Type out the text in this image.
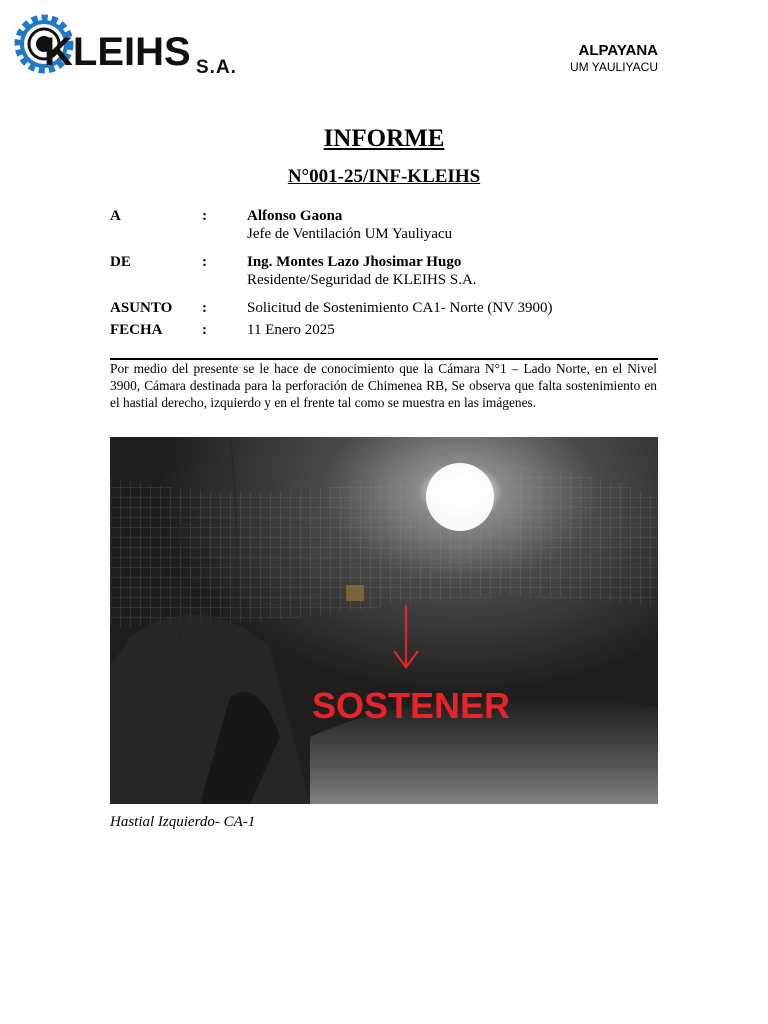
KLEIHS S.A.
ALPAYANA
UM YAULIYACU
INFORME
N°001-25/INF-KLEIHS
A	:	Alfonso Gaona
Jefe de Ventilación UM Yauliyacu
DE	:	Ing. Montes Lazo Jhosimar Hugo
Residente/Seguridad de KLEIHS S.A.
ASUNTO :	Solicitud de Sostenimiento CA1- Norte (NV 3900)
FECHA	:	11 Enero 2025
Por medio del presente se le hace de conocimiento que la Cámara N°1 – Lado Norte, en el Nivel 3900, Cámara destinada para la perforación de Chimenea RB, Se observa que falta sostenimiento en el hastial derecho, izquierdo y en el frente tal como se muestra en las imágenes.
SOSTENER
Hastial Izquierdo- CA-1
